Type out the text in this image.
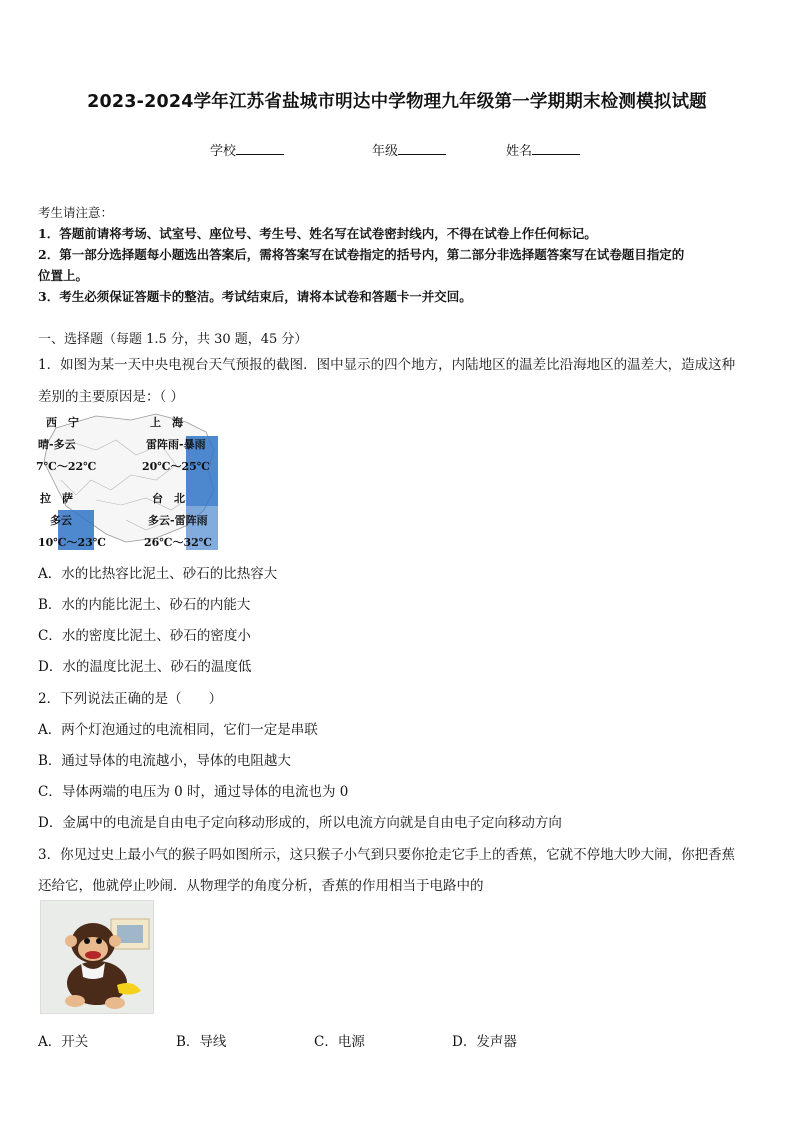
2023-2024学年江苏省盐城市明达中学物理九年级第一学期期末检测模拟试题
学校	年级	姓名
考生请注意：
1．答题前请将考场、试室号、座位号、考生号、姓名写在试卷密封线内，不得在试卷上作任何标记。
2．第一部分选择题每小题选出答案后，需将答案写在试卷指定的括号内，第二部分非选择题答案写在试卷题目指定的
位置上。
3．考生必须保证答题卡的整洁。考试结束后，请将本试卷和答题卡一并交回。
一、选择题（每题 1.5 分，共 30 题，45 分）
1．如图为某一天中央电视台天气预报的截图．图中显示的四个地方，内陆地区的温差比沿海地区的温差大，造成这种
差别的主要原因是：（ ）
西　宁
晴-多云
7℃～22℃
上　海
雷阵雨-暴雨
20℃～25℃
拉　萨
多云
10℃～23℃
台　北
多云-雷阵雨
26℃～32℃
A．水的比热容比泥土、砂石的比热容大
B．水的内能比泥土、砂石的内能大
C．水的密度比泥土、砂石的密度小
D．水的温度比泥土、砂石的温度低
2．下列说法正确的是（　　）
A．两个灯泡通过的电流相同，它们一定是串联
B．通过导体的电流越小，导体的电阻越大
C．导体两端的电压为 0 时，通过导体的电流也为 0
D．金属中的电流是自由电子定向移动形成的，所以电流方向就是自由电子定向移动方向
3．你见过史上最小气的猴子吗如图所示，这只猴子小气到只要你抢走它手上的香蕉，它就不停地大吵大闹，你把香蕉
还给它，他就停止吵闹．从物理学的角度分析，香蕉的作用相当于电路中的
A．开关	B．导线	C．电源	D．发声器
